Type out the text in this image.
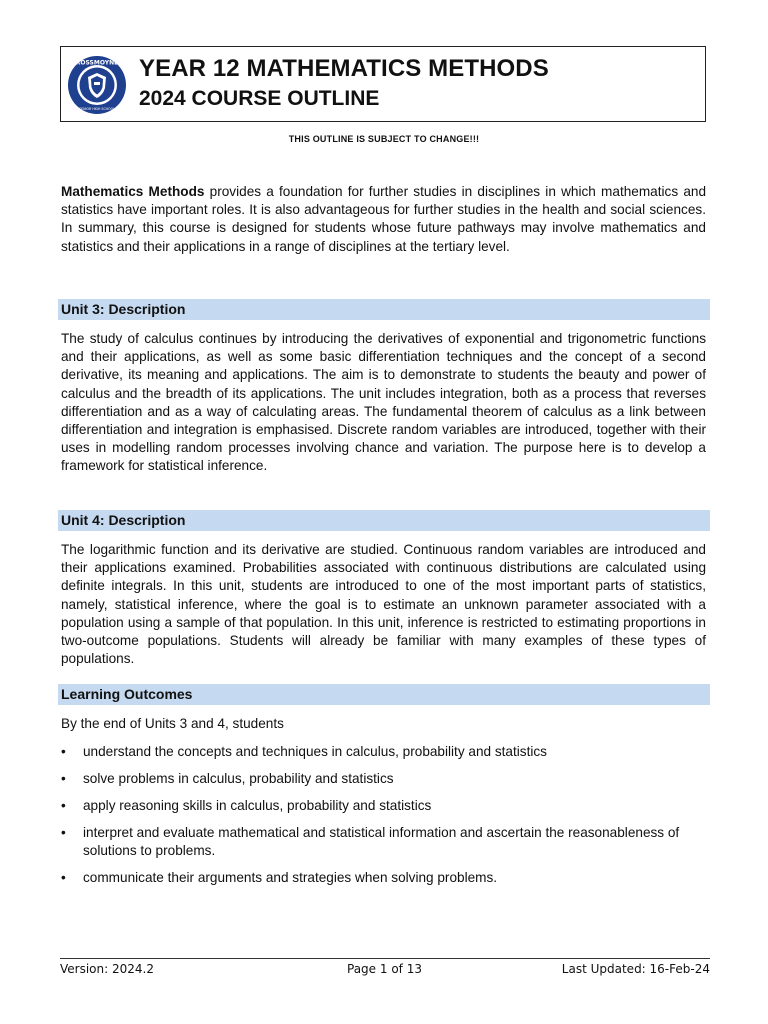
ROSSMOYNE
SENIOR HIGH SCHOOL
YEAR 12 MATHEMATICS METHODS
2024 COURSE OUTLINE
THIS OUTLINE IS SUBJECT TO CHANGE!!!

Mathematics Methods provides a foundation for further studies in disciplines in which mathematics and statistics have important roles. It is also advantageous for further studies in the health and social sciences. In summary, this course is designed for students whose future pathways may involve mathematics and statistics and their applications in a range of disciplines at the tertiary level.

Unit 3: Description

The study of calculus continues by introducing the derivatives of exponential and trigonometric functions and their applications, as well as some basic differentiation techniques and the concept of a second derivative, its meaning and applications. The aim is to demonstrate to students the beauty and power of calculus and the breadth of its applications. The unit includes integration, both as a process that reverses differentiation and as a way of calculating areas. The fundamental theorem of calculus as a link between differentiation and integration is emphasised. Discrete random variables are introduced, together with their uses in modelling random processes involving chance and variation. The purpose here is to develop a framework for statistical inference.

Unit 4: Description

The logarithmic function and its derivative are studied. Continuous random variables are introduced and their applications examined. Probabilities associated with continuous distributions are calculated using definite integrals. In this unit, students are introduced to one of the most important parts of statistics, namely, statistical inference, where the goal is to estimate an unknown parameter associated with a population using a sample of that population. In this unit, inference is restricted to estimating proportions in two-outcome populations. Students will already be familiar with many examples of these types of populations.

Learning Outcomes

By the end of Units 3 and 4, students

• understand the concepts and techniques in calculus, probability and statistics
• solve problems in calculus, probability and statistics
• apply reasoning skills in calculus, probability and statistics
• interpret and evaluate mathematical and statistical information and ascertain the reasonableness of solutions to problems.
• communicate their arguments and strategies when solving problems.
Version: 2024.2	Page 1 of 13	Last Updated: 16-Feb-24
